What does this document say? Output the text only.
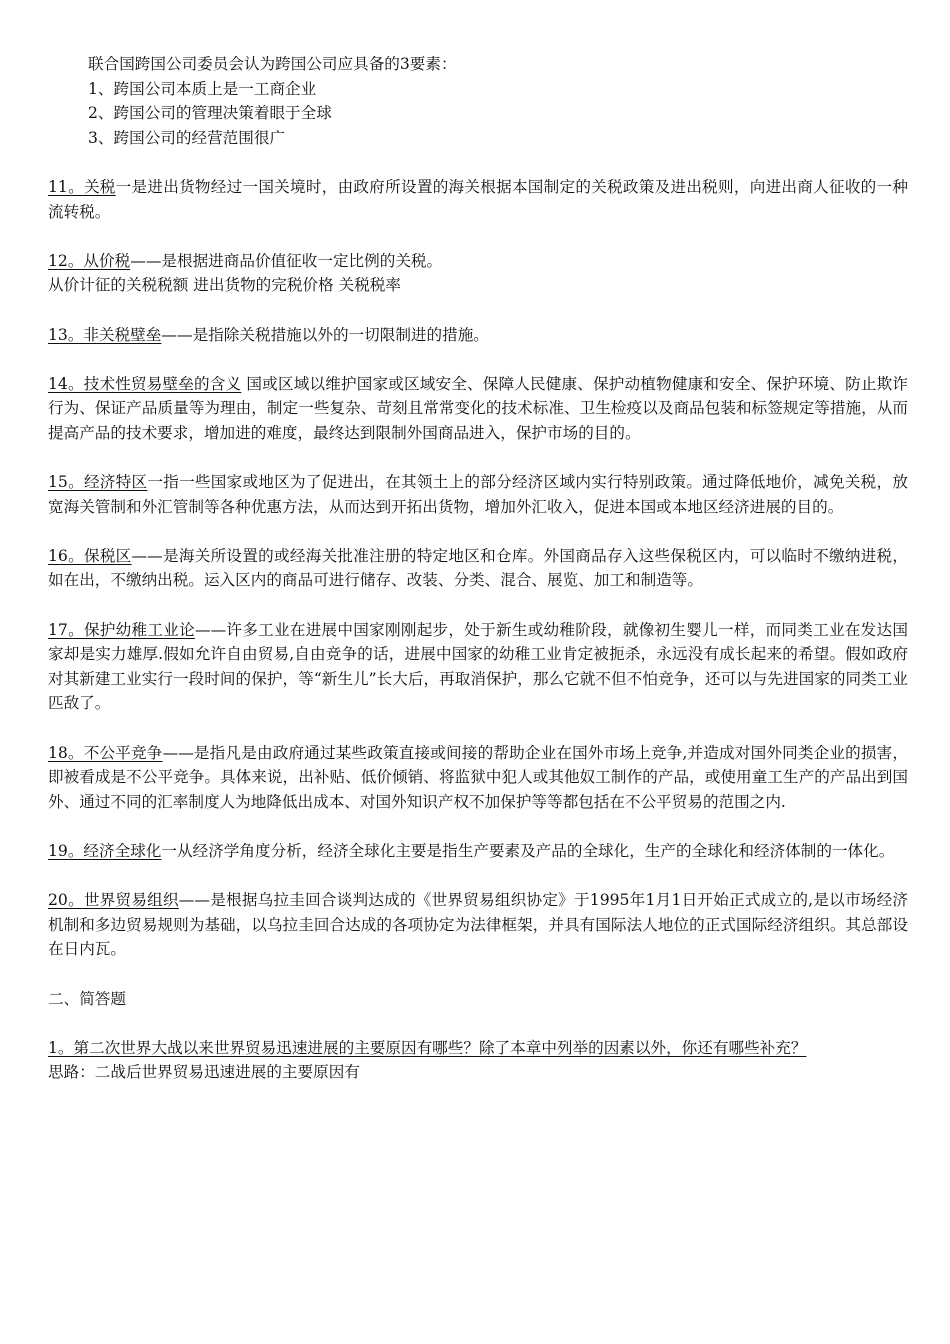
联合国跨国公司委员会认为跨国公司应具备的3要素：

1、跨国公司本质上是一工商企业

2、跨国公司的管理决策着眼于全球

3、跨国公司的经营范围很广

11。关税一是进出货物经过一国关境时，由政府所设置的海关根据本国制定的关税政策及进出税则，向进出商人征收的一种流转税。

12。从价税——是根据进商品价值征收一定比例的关税。

从价计征的关税税额 进出货物的完税价格 关税税率

13。非关税壁垒——是指除关税措施以外的一切限制进的措施。

14。技术性贸易壁垒的含义 国或区域以维护国家或区域安全、保障人民健康、保护动植物健康和安全、保护环境、防止欺诈行为、保证产品质量等为理由，制定一些复杂、苛刻且常常变化的技术标准、卫生检疫以及商品包装和标签规定等措施，从而提高产品的技术要求，增加进的难度，最终达到限制外国商品进入，保护市场的目的。

15。经济特区一指一些国家或地区为了促进出，在其领土上的部分经济区域内实行特别政策。通过降低地价，减免关税，放宽海关管制和外汇管制等各种优惠方法，从而达到开拓出货物，增加外汇收入，促进本国或本地区经济进展的目的。

16。保税区——是海关所设置的或经海关批准注册的特定地区和仓库。外国商品存入这些保税区内，可以临时不缴纳进税，如在出，不缴纳出税。运入区内的商品可进行储存、改装、分类、混合、展览、加工和制造等。

17。保护幼稚工业论——许多工业在进展中国家刚刚起步，处于新生或幼稚阶段，就像初生婴儿一样，而同类工业在发达国家却是实力雄厚.假如允许自由贸易,自由竞争的话，进展中国家的幼稚工业肯定被扼杀，永远没有成长起来的希望。假如政府对其新建工业实行一段时间的保护，等“新生儿”长大后，再取消保护，那么它就不但不怕竞争，还可以与先进国家的同类工业匹敌了。

18。不公平竞争——是指凡是由政府通过某些政策直接或间接的帮助企业在国外市场上竞争,并造成对国外同类企业的损害，即被看成是不公平竞争。具体来说，出补贴、低价倾销、将监狱中犯人或其他奴工制作的产品，或使用童工生产的产品出到国外、通过不同的汇率制度人为地降低出成本、对国外知识产权不加保护等等都包括在不公平贸易的范围之内.

19。经济全球化一从经济学角度分析，经济全球化主要是指生产要素及产品的全球化，生产的全球化和经济体制的一体化。

20。世界贸易组织——是根据乌拉圭回合谈判达成的《世界贸易组织协定》于1995年1月1日开始正式成立的,是以市场经济机制和多边贸易规则为基础，以乌拉圭回合达成的各项协定为法律框架，并具有国际法人地位的正式国际经济组织。其总部设在日内瓦。

二、简答题

1。第二次世界大战以来世界贸易迅速进展的主要原因有哪些？除了本章中列举的因素以外，你还有哪些补充？

思路：二战后世界贸易迅速进展的主要原因有
